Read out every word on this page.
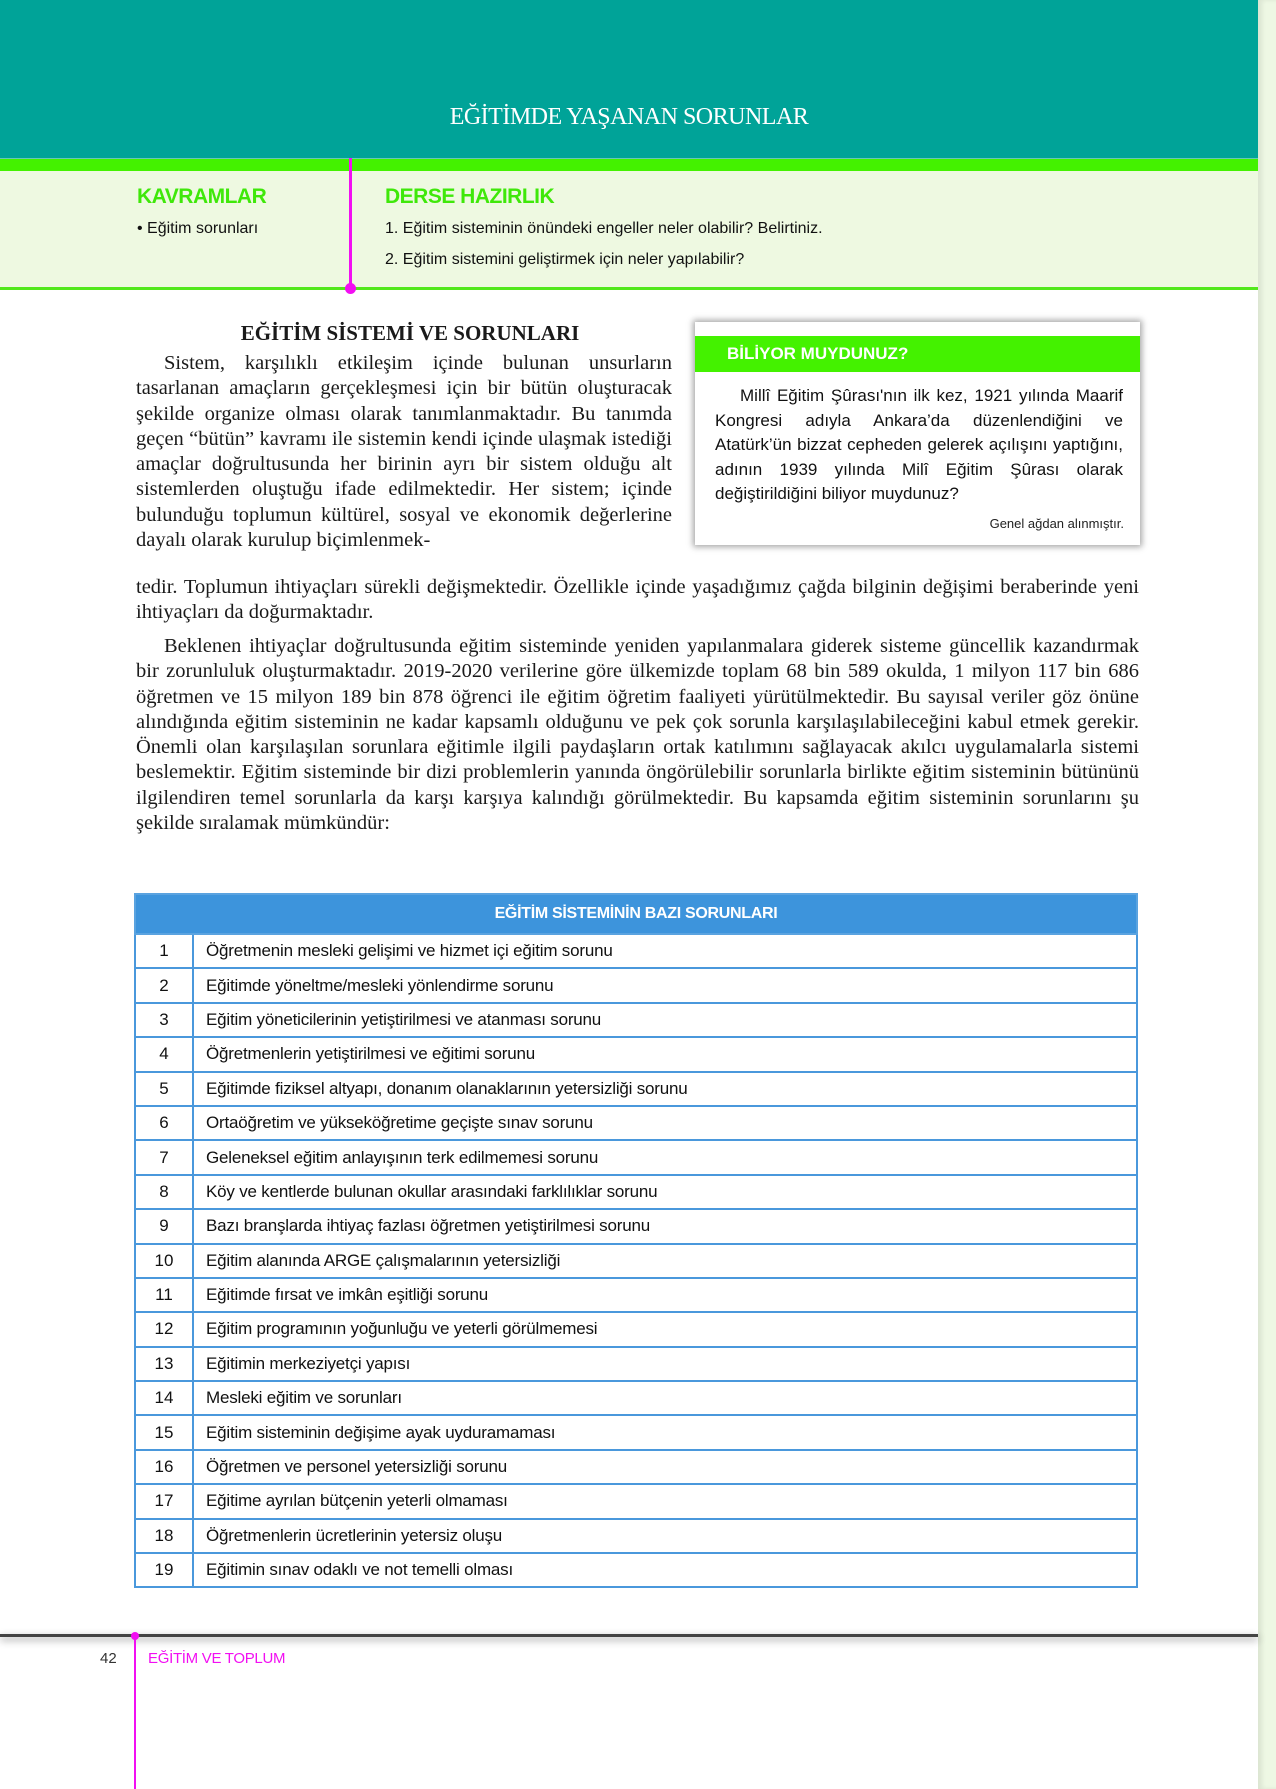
EĞİTİMDE YAŞANAN SORUNLAR
KAVRAMLAR
• Eğitim sorunları
DERSE HAZIRLIK
1. Eğitim sisteminin önündeki engeller neler olabilir? Belirtiniz.
2. Eğitim sistemini geliştirmek için neler yapılabilir?
EĞİTİM SİSTEMİ VE SORUNLARI

Sistem, karşılıklı etkileşim içinde bulunan unsurların tasarlanan amaçların gerçekleşmesi için bir bütün oluşturacak şekilde organize olması olarak tanımlanmaktadır. Bu tanımda geçen “bütün” kavramı ile sistemin kendi içinde ulaşmak istediği amaçlar doğrultusunda her birinin ayrı bir sistem olduğu alt sistemlerden oluştuğu ifade edilmektedir. Her sistem; içinde bulunduğu toplumun kültürel, sosyal ve ekonomik değerlerine dayalı olarak kurulup biçimlenmek-

tedir. Toplumun ihtiyaçları sürekli değişmektedir. Özellikle içinde yaşadığımız çağda bilginin değişimi beraberinde yeni ihtiyaçları da doğurmaktadır.

Beklenen ihtiyaçlar doğrultusunda eğitim sisteminde yeniden yapılanmalara giderek sisteme güncellik kazandırmak bir zorunluluk oluşturmaktadır. 2019-2020 verilerine göre ülkemizde toplam 68 bin 589 okulda, 1 milyon 117 bin 686 öğretmen ve 15 milyon 189 bin 878 öğrenci ile eğitim öğretim faaliyeti yürütülmektedir. Bu sayısal veriler göz önüne alındığında eğitim sisteminin ne kadar kapsamlı olduğunu ve pek çok sorunla karşılaşılabileceğini kabul etmek gerekir. Önemli olan karşılaşılan sorunlara eğitimle ilgili paydaşların ortak katılımını sağlayacak akılcı uygulamalarla sistemi beslemektir. Eğitim sisteminde bir dizi problemlerin yanında öngörülebilir sorunlarla birlikte eğitim sisteminin bütününü ilgilendiren temel sorunlarla da karşı karşıya kalındığı görülmektedir. Bu kapsamda eğitim sisteminin sorunlarını şu şekilde sıralamak mümkündür:

BİLİYOR MUYDUNUZ?

Millî Eğitim Şûrası'nın ilk kez, 1921 yılında Maarif Kongresi adıyla Ankara’da düzenlendiğini ve Atatürk’ün bizzat cepheden gelerek açılışını yaptığını, adının 1939 yılında Milî Eğitim Şûrası olarak değiştirildiğini biliyor muydunuz?

Genel ağdan alınmıştır.
EĞİTİM SİSTEMİNİN BAZI SORUNLARI	
1	Öğretmenin mesleki gelişimi ve hizmet içi eğitim sorunu
2	Eğitimde yöneltme/mesleki yönlendirme sorunu
3	Eğitim yöneticilerinin yetiştirilmesi ve atanması sorunu
4	Öğretmenlerin yetiştirilmesi ve eğitimi sorunu
5	Eğitimde fiziksel altyapı, donanım olanaklarının yetersizliği sorunu
6	Ortaöğretim ve yükseköğretime geçişte sınav sorunu
7	Geleneksel eğitim anlayışının terk edilmemesi sorunu
8	Köy ve kentlerde bulunan okullar arasındaki farklılıklar sorunu
9	Bazı branşlarda ihtiyaç fazlası öğretmen yetiştirilmesi sorunu
10	Eğitim alanında ARGE çalışmalarının yetersizliği
11	Eğitimde fırsat ve imkân eşitliği sorunu
12	Eğitim programının yoğunluğu ve yeterli görülmemesi
13	Eğitimin merkeziyetçi yapısı
14	Mesleki eğitim ve sorunları
15	Eğitim sisteminin değişime ayak uyduramaması
16	Öğretmen ve personel yetersizliği sorunu
17	Eğitime ayrılan bütçenin yeterli olmaması
18	Öğretmenlerin ücretlerinin yetersiz oluşu
19	Eğitimin sınav odaklı ve not temelli olması
42 EĞİTİM VE TOPLUM
